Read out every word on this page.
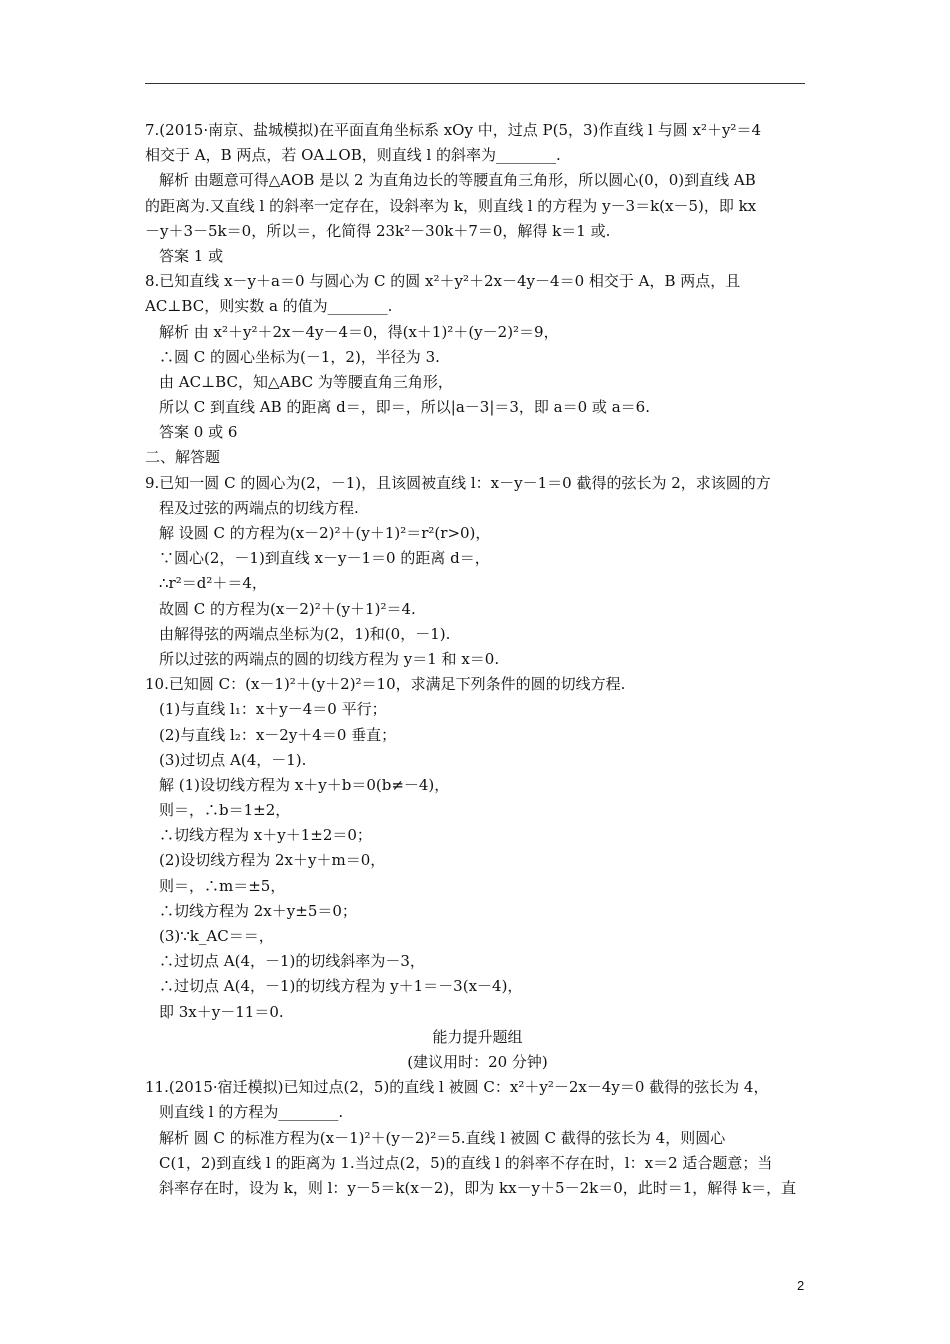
7.(2015·南京、盐城模拟)在平面直角坐标系 xOy 中，过点 P(5，3)作直线 l 与圆 x²＋y²＝4
相交于 A，B 两点，若 OA⊥OB，则直线 l 的斜率为________.
解析 由题意可得△AOB 是以 2 为直角边长的等腰直角三角形，所以圆心(0，0)到直线 AB
的距离为.又直线 l 的斜率一定存在，设斜率为 k，则直线 l 的方程为 y－3＝k(x－5)，即 kx
－y＋3－5k＝0，所以＝，化简得 23k²－30k＋7＝0，解得 k＝1 或.
答案 1 或
8.已知直线 x－y＋a＝0 与圆心为 C 的圆 x²＋y²＋2x－4y－4＝0 相交于 A，B 两点，且
AC⊥BC，则实数 a 的值为________.
解析 由 x²＋y²＋2x－4y－4＝0，得(x＋1)²＋(y－2)²＝9，
∴圆 C 的圆心坐标为(－1，2)，半径为 3.
由 AC⊥BC，知△ABC 为等腰直角三角形，
所以 C 到直线 AB 的距离 d＝，即＝，所以|a－3|＝3，即 a＝0 或 a＝6.
答案 0 或 6
二、解答题
9.已知一圆 C 的圆心为(2，－1)，且该圆被直线 l：x－y－1＝0 截得的弦长为 2，求该圆的方
程及过弦的两端点的切线方程.
解 设圆 C 的方程为(x－2)²＋(y＋1)²＝r²(r>0)，
∵圆心(2，－1)到直线 x－y－1＝0 的距离 d＝，
∴r²＝d²＋＝4，
故圆 C 的方程为(x－2)²＋(y＋1)²＝4.
由解得弦的两端点坐标为(2，1)和(0，－1).
所以过弦的两端点的圆的切线方程为 y＝1 和 x＝0.
10.已知圆 C：(x－1)²＋(y＋2)²＝10，求满足下列条件的圆的切线方程.
(1)与直线 l₁：x＋y－4＝0 平行；
(2)与直线 l₂：x－2y＋4＝0 垂直；
(3)过切点 A(4，－1).
解 (1)设切线方程为 x＋y＋b＝0(b≠－4)，
则＝，∴b＝1±2，
∴切线方程为 x＋y＋1±2＝0；
(2)设切线方程为 2x＋y＋m＝0，
则＝，∴m＝±5，
∴切线方程为 2x＋y±5＝0；
(3)∵k_AC＝＝，
∴过切点 A(4，－1)的切线斜率为－3，
∴过切点 A(4，－1)的切线方程为 y＋1＝－3(x－4)，
即 3x＋y－11＝0.
能力提升题组
(建议用时：20 分钟)
11.(2015·宿迁模拟)已知过点(2，5)的直线 l 被圆 C：x²＋y²－2x－4y＝0 截得的弦长为 4，
则直线 l 的方程为________.
解析 圆 C 的标准方程为(x－1)²＋(y－2)²＝5.直线 l 被圆 C 截得的弦长为 4，则圆心
C(1，2)到直线 l 的距离为 1.当过点(2，5)的直线 l 的斜率不存在时，l：x＝2 适合题意；当
斜率存在时，设为 k，则 l：y－5＝k(x－2)，即为 kx－y＋5－2k＝0，此时＝1，解得 k＝，直
2
